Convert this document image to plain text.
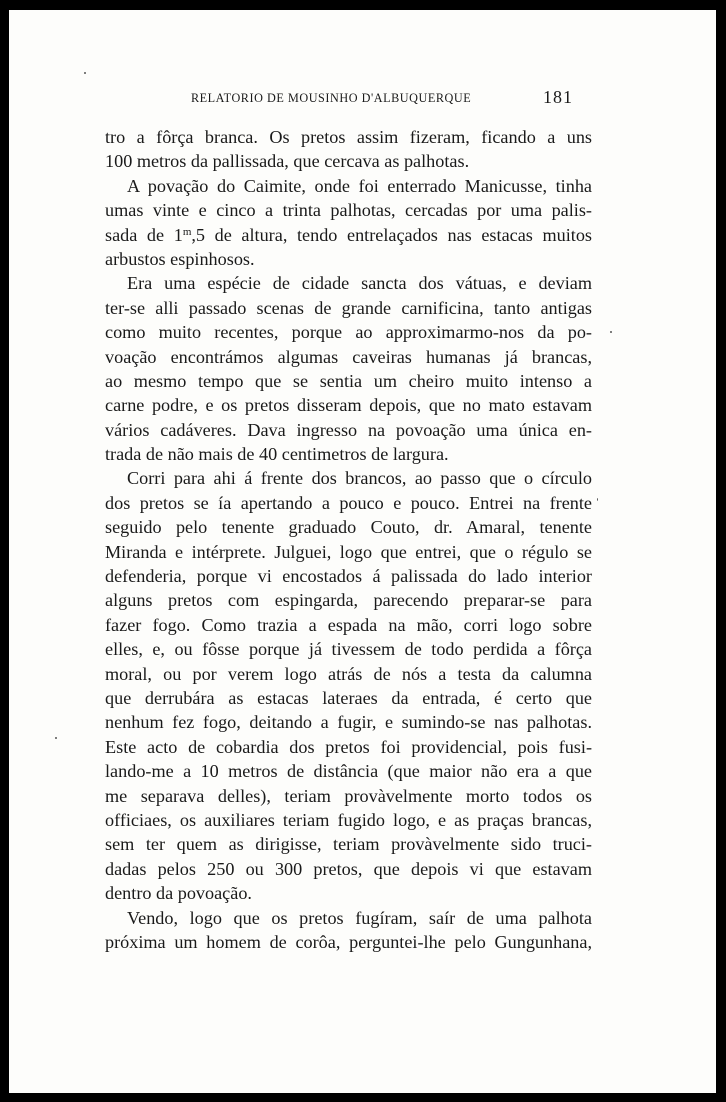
RELATORIO DE MOUSINHO D'ALBUQUERQUE	181
tro a fôrça branca. Os pretos assim fizeram, ficando a uns
100 metros da pallissada, que cercava as palhotas.
A povação do Caimite, onde foi enterrado Manicusse, tinha
umas vinte e cinco a trinta palhotas, cercadas por uma palis-
sada de 1$^m$,5 de altura, tendo entrelaçados nas estacas muitos
arbustos espinhosos.
Era uma espécie de cidade sancta dos vátuas, e deviam
ter-se alli passado scenas de grande carnificina, tanto antigas
como muito recentes, porque ao approximarmo-nos da po-
voação encontrámos algumas caveiras humanas já brancas,
ao mesmo tempo que se sentia um cheiro muito intenso a
carne podre, e os pretos disseram depois, que no mato estavam
vários cadáveres. Dava ingresso na povoação uma única en-
trada de não mais de 40 centimetros de largura.
Corri para ahi á frente dos brancos, ao passo que o círculo
dos pretos se ía apertando a pouco e pouco. Entrei na frente
seguido pelo tenente graduado Couto, dr. Amaral, tenente
Miranda e intérprete. Julguei, logo que entrei, que o régulo se
defenderia, porque vi encostados á palissada do lado interior
alguns pretos com espingarda, parecendo preparar-se para
fazer fogo. Como trazia a espada na mão, corri logo sobre
elles, e, ou fôsse porque já tivessem de todo perdida a fôrça
moral, ou por verem logo atrás de nós a testa da calumna
que derrubára as estacas lateraes da entrada, é certo que
nenhum fez fogo, deitando a fugir, e sumindo-se nas palhotas.
Este acto de cobardia dos pretos foi providencial, pois fusi-
lando-me a 10 metros de distância (que maior não era a que
me separava delles), teriam provàvelmente morto todos os
officiaes, os auxiliares teriam fugido logo, e as praças brancas,
sem ter quem as dirigisse, teriam provàvelmente sido truci-
dadas pelos 250 ou 300 pretos, que depois vi que estavam
dentro da povoação.
Vendo, logo que os pretos fugíram, saír de uma palhota
próxima um homem de corôa, perguntei-lhe pelo Gungunhana,
